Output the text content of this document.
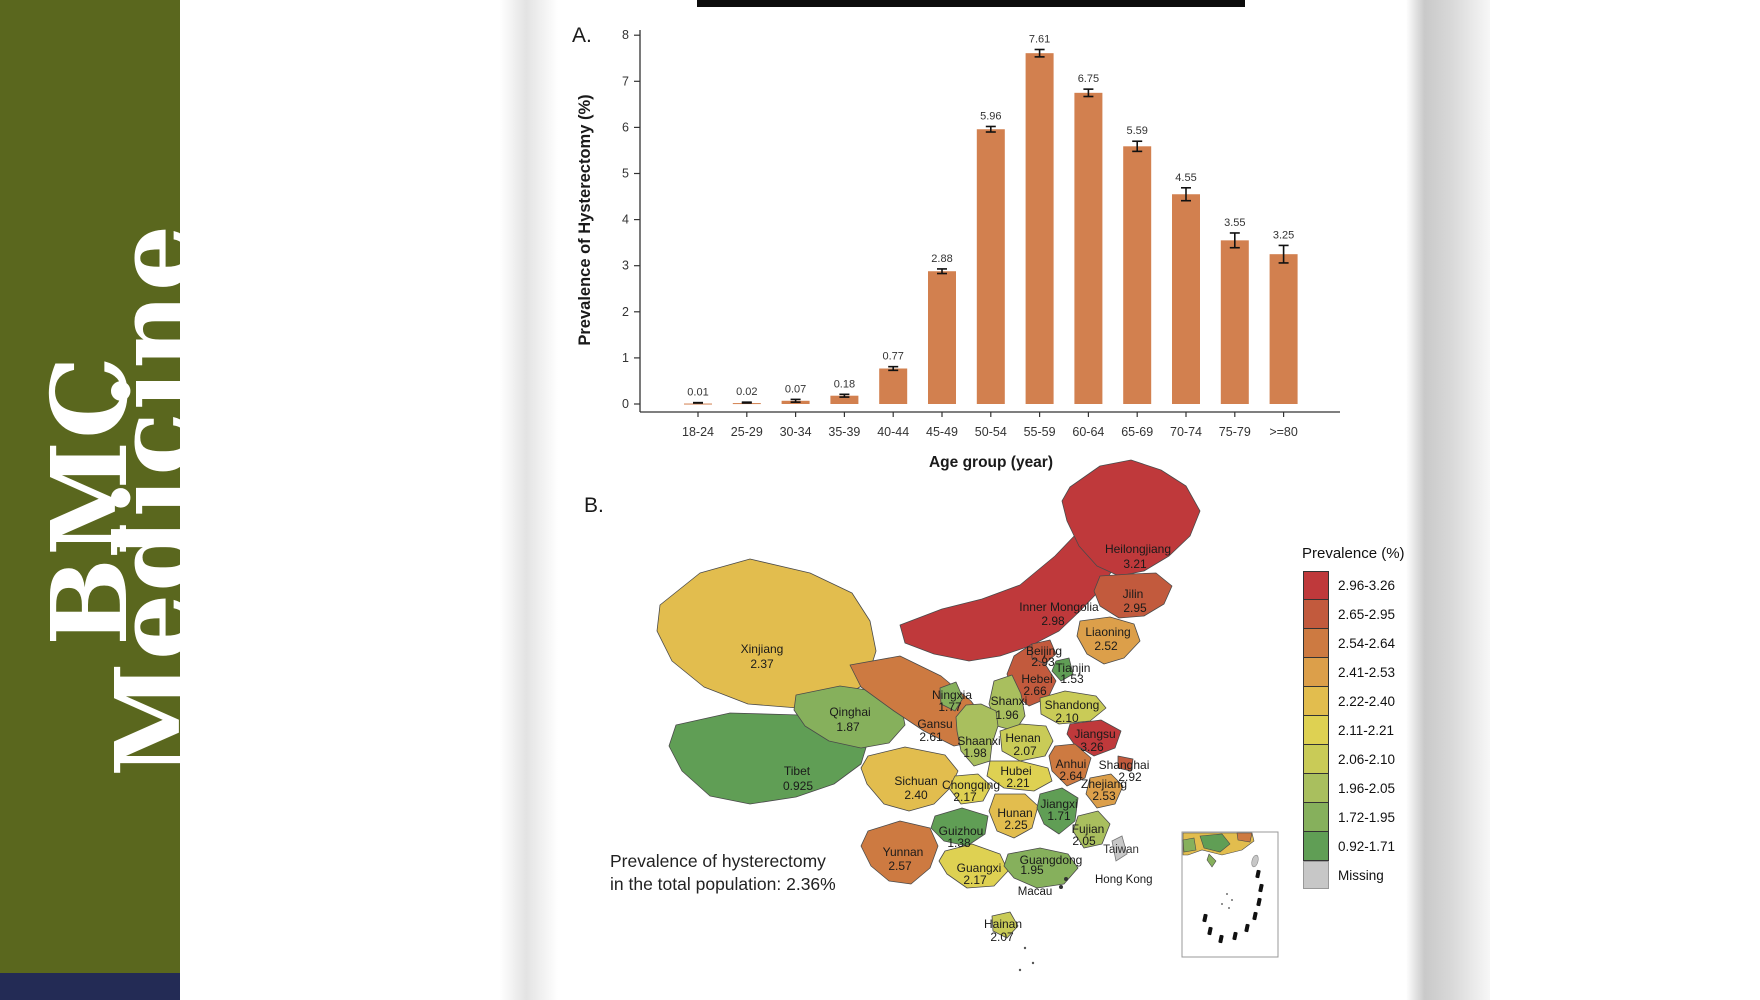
BMC Medicine
A.
Prevalence of Hysterectomy (%)
0
1
2
3
4
5
6
7
8
0.01
18-24
0.02
25-29
0.07
30-34
0.18
35-39
0.77
40-44
2.88
45-49
5.96
50-54
7.61
55-59
6.75
60-64
5.59
65-69
4.55
70-74
3.55
75-79
3.25
>=80
Age group (year)
B.
Inner Mongolia
2.98
Xinjiang
2.37
Tibet
0.925
Qinghai
1.87	Gansu
2.61
Sichuan
2.40
Yunnan
2.57
Heilongjiang
3.21
Jilin
2.95
Liaoning
2.52
Hebei
2.66
Beijing
2.93 Tianjin
1.53
Shanxi
1.96
Shandong
2.10
Henan
2.07
Jiangsu
3.26
Anhui
2.64
Shanghai
2.92
Hubei
2.21
Chongqing
2.17
Zhejiang
2.53
Hunan
2.25
Jiangxi
1.71
Guizhou
1.38
Fujian
2.05
Guangxi
2.17
Guangdong
1.95
Hainan
2.07
Ningxia
1.77
Shaanxi
1.98
Taiwan
Hong Kong
Macau
Prevalence of hysterectomy
in the total population: 2.36%
Prevalence (%)
2.96-3.26
2.65-2.95
2.54-2.64
2.41-2.53
2.22-2.40
2.11-2.21
2.06-2.10
1.96-2.05
1.72-1.95
0.92-1.71
Missing
